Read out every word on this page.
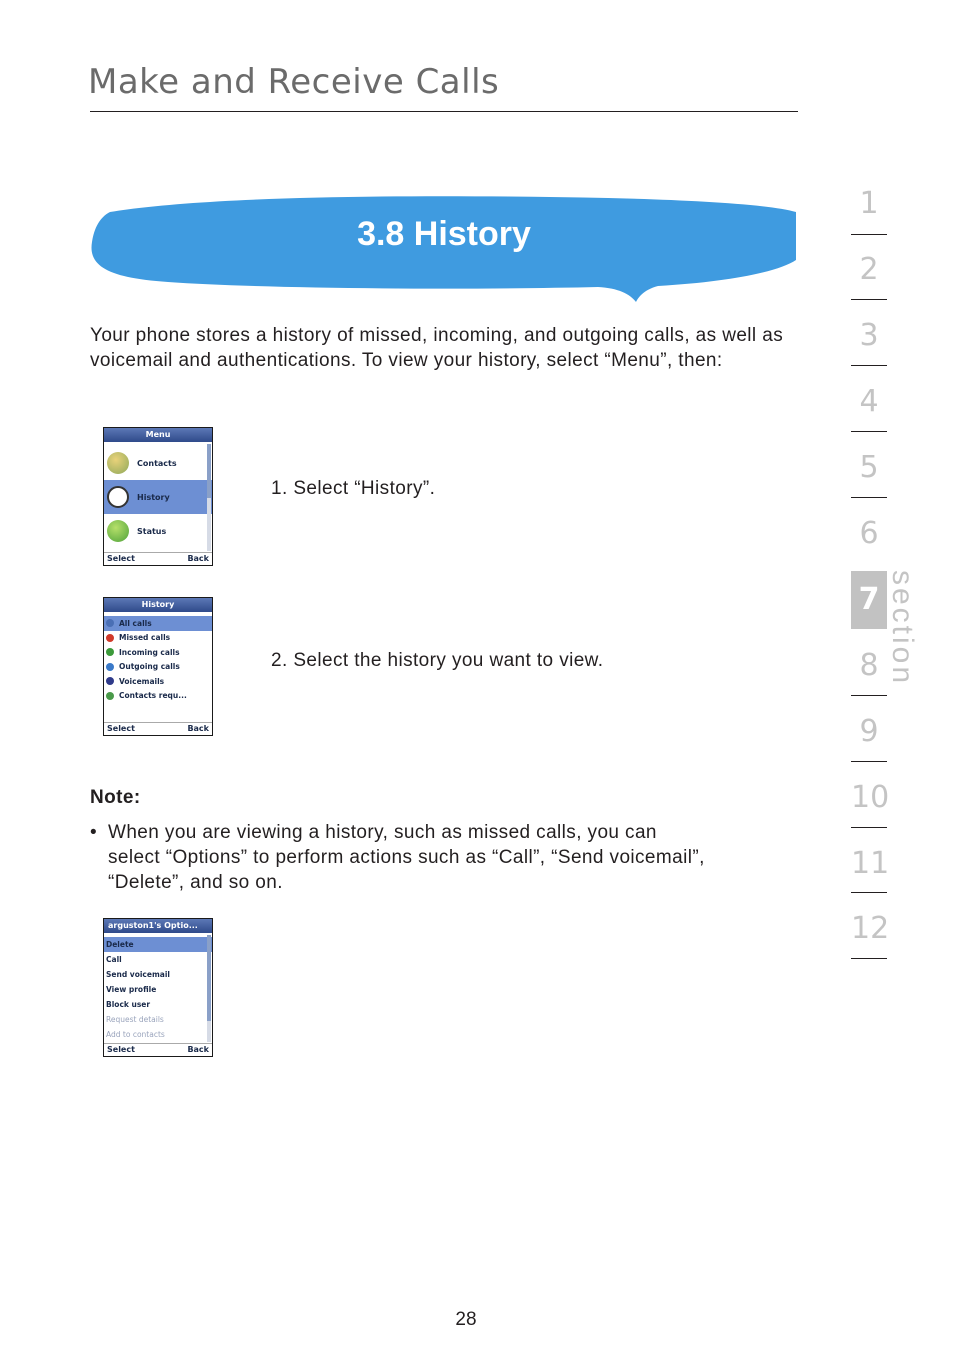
Make and Receive Calls
3.8 History
Your phone stores a history of missed, incoming, and outgoing calls, as well as voicemail and authentications. To view your history, select “Menu”, then:
Menu
Contacts
History
Status
Select	Back
1. Select “History”.
History
All calls
Missed calls
Incoming calls
Outgoing calls
Voicemails
Contacts requ...
Select	Back
2. Select the history you want to view.
Note:
• When you are viewing a history, such as missed calls, you can select “Options” to perform actions such as “Call”, “Send voicemail”, “Delete”, and so on.
arguston1's Optio...
Delete
Call
Send voicemail
View profile
Block user
Request details
Add to contacts
Select	Back
1
2
3
4
5
6
7
8
9
10
11
12
section
28
